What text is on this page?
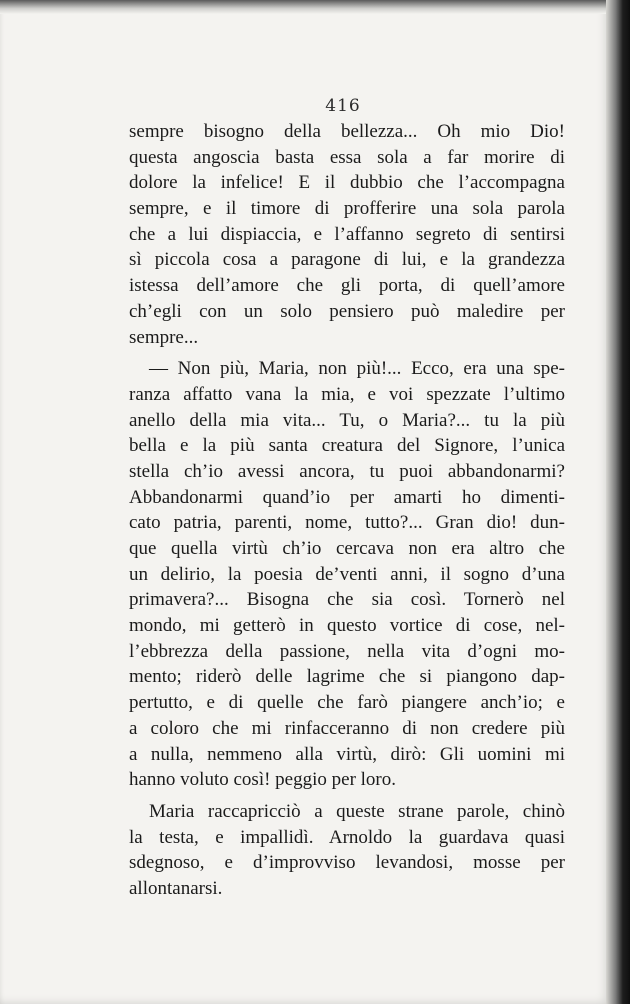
416
sempre bisogno della bellezza... Oh mio Dio!
questa angoscia basta essa sola a far morire di
dolore la infelice! E il dubbio che l’accompagna
sempre, e il timore di profferire una sola parola
che a lui dispiaccia, e l’affanno segreto di sentirsi
sì piccola cosa a paragone di lui, e la grandezza
istessa dell’amore che gli porta, di quell’amore
ch’egli con un solo pensiero può maledire per
sempre...
— Non più, Maria, non più!... Ecco, era una spe-
ranza affatto vana la mia, e voi spezzate l’ultimo
anello della mia vita... Tu, o Maria?... tu la più
bella e la più santa creatura del Signore, l’unica
stella ch’io avessi ancora, tu puoi abbandonarmi?
Abbandonarmi quand’io per amarti ho dimenti-
cato patria, parenti, nome, tutto?... Gran dio! dun-
que quella virtù ch’io cercava non era altro che
un delirio, la poesia de’venti anni, il sogno d’una
primavera?... Bisogna che sia così. Tornerò nel
mondo, mi getterò in questo vortice di cose, nel-
l’ebbrezza della passione, nella vita d’ogni mo-
mento; riderò delle lagrime che si piangono dap-
pertutto, e di quelle che farò piangere anch’io; e
a coloro che mi rinfacceranno di non credere più
a nulla, nemmeno alla virtù, dirò: Gli uomini mi
hanno voluto così! peggio per loro.
Maria raccapricciò a queste strane parole, chinò
la testa, e impallidì. Arnoldo la guardava quasi
sdegnoso, e d’improvviso levandosi, mosse per
allontanarsi.
